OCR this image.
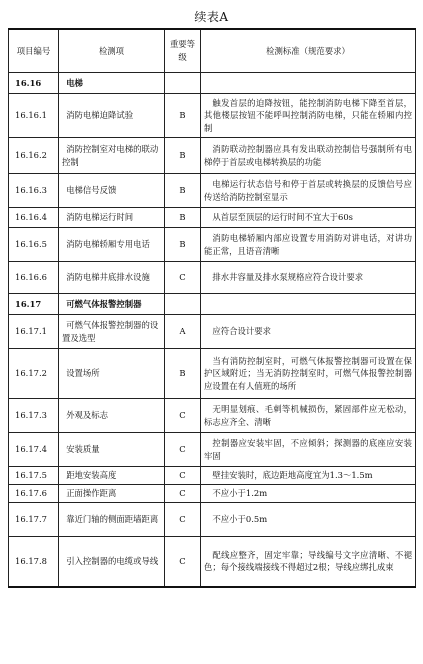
续表A
项目编号	检测项	重要等级	检测标准（规范要求）
16.16	电梯		
16.16.1	消防电梯迫降试验	B	触发首层的迫降按钮，能控制消防电梯下降至首层，其他楼层按钮不能呼叫控制消防电梯，只能在轿厢内控制
16.16.2	消防控制室对电梯的联动控制	B	消防联动控制器应具有发出联动控制信号强制所有电梯停于首层或电梯转换层的功能
16.16.3	电梯信号反馈	B	电梯运行状态信号和停于首层或转换层的反馈信号应传送给消防控制室显示
16.16.4	消防电梯运行时间	B	从首层至顶层的运行时间不宜大于60s
16.16.5	消防电梯轿厢专用电话	B	消防电梯轿厢内部应设置专用消防对讲电话，对讲功能正常，且语音清晰
16.16.6	消防电梯井底排水设施	C	排水井容量及排水泵规格应符合设计要求
16.17	可燃气体报警控制器		
16.17.1	可燃气体报警控制器的设置及选型	A	应符合设计要求
16.17.2	设置场所	B	当有消防控制室时，可燃气体报警控制器可设置在保护区域附近；当无消防控制室时，可燃气体报警控制器应设置在有人值班的场所
16.17.3	外观及标志	C	无明显划痕、毛刺等机械损伤，紧固部件应无松动，标志应齐全、清晰
16.17.4	安装质量	C	控制器应安装牢固，不应倾斜；探测器的底座应安装牢固
16.17.5	距地安装高度	C	壁挂安装时，底边距地高度宜为1.3～1.5m
16.17.6	正面操作距离	C	不应小于1.2m
16.17.7	靠近门轴的侧面距墙距离	C	不应小于0.5m
16.17.8	引入控制器的电缆或导线	C	配线应整齐，固定牢靠；导线编号文字应清晰、不褪色；每个接线端接线不得超过2根；导线应绑扎成束
